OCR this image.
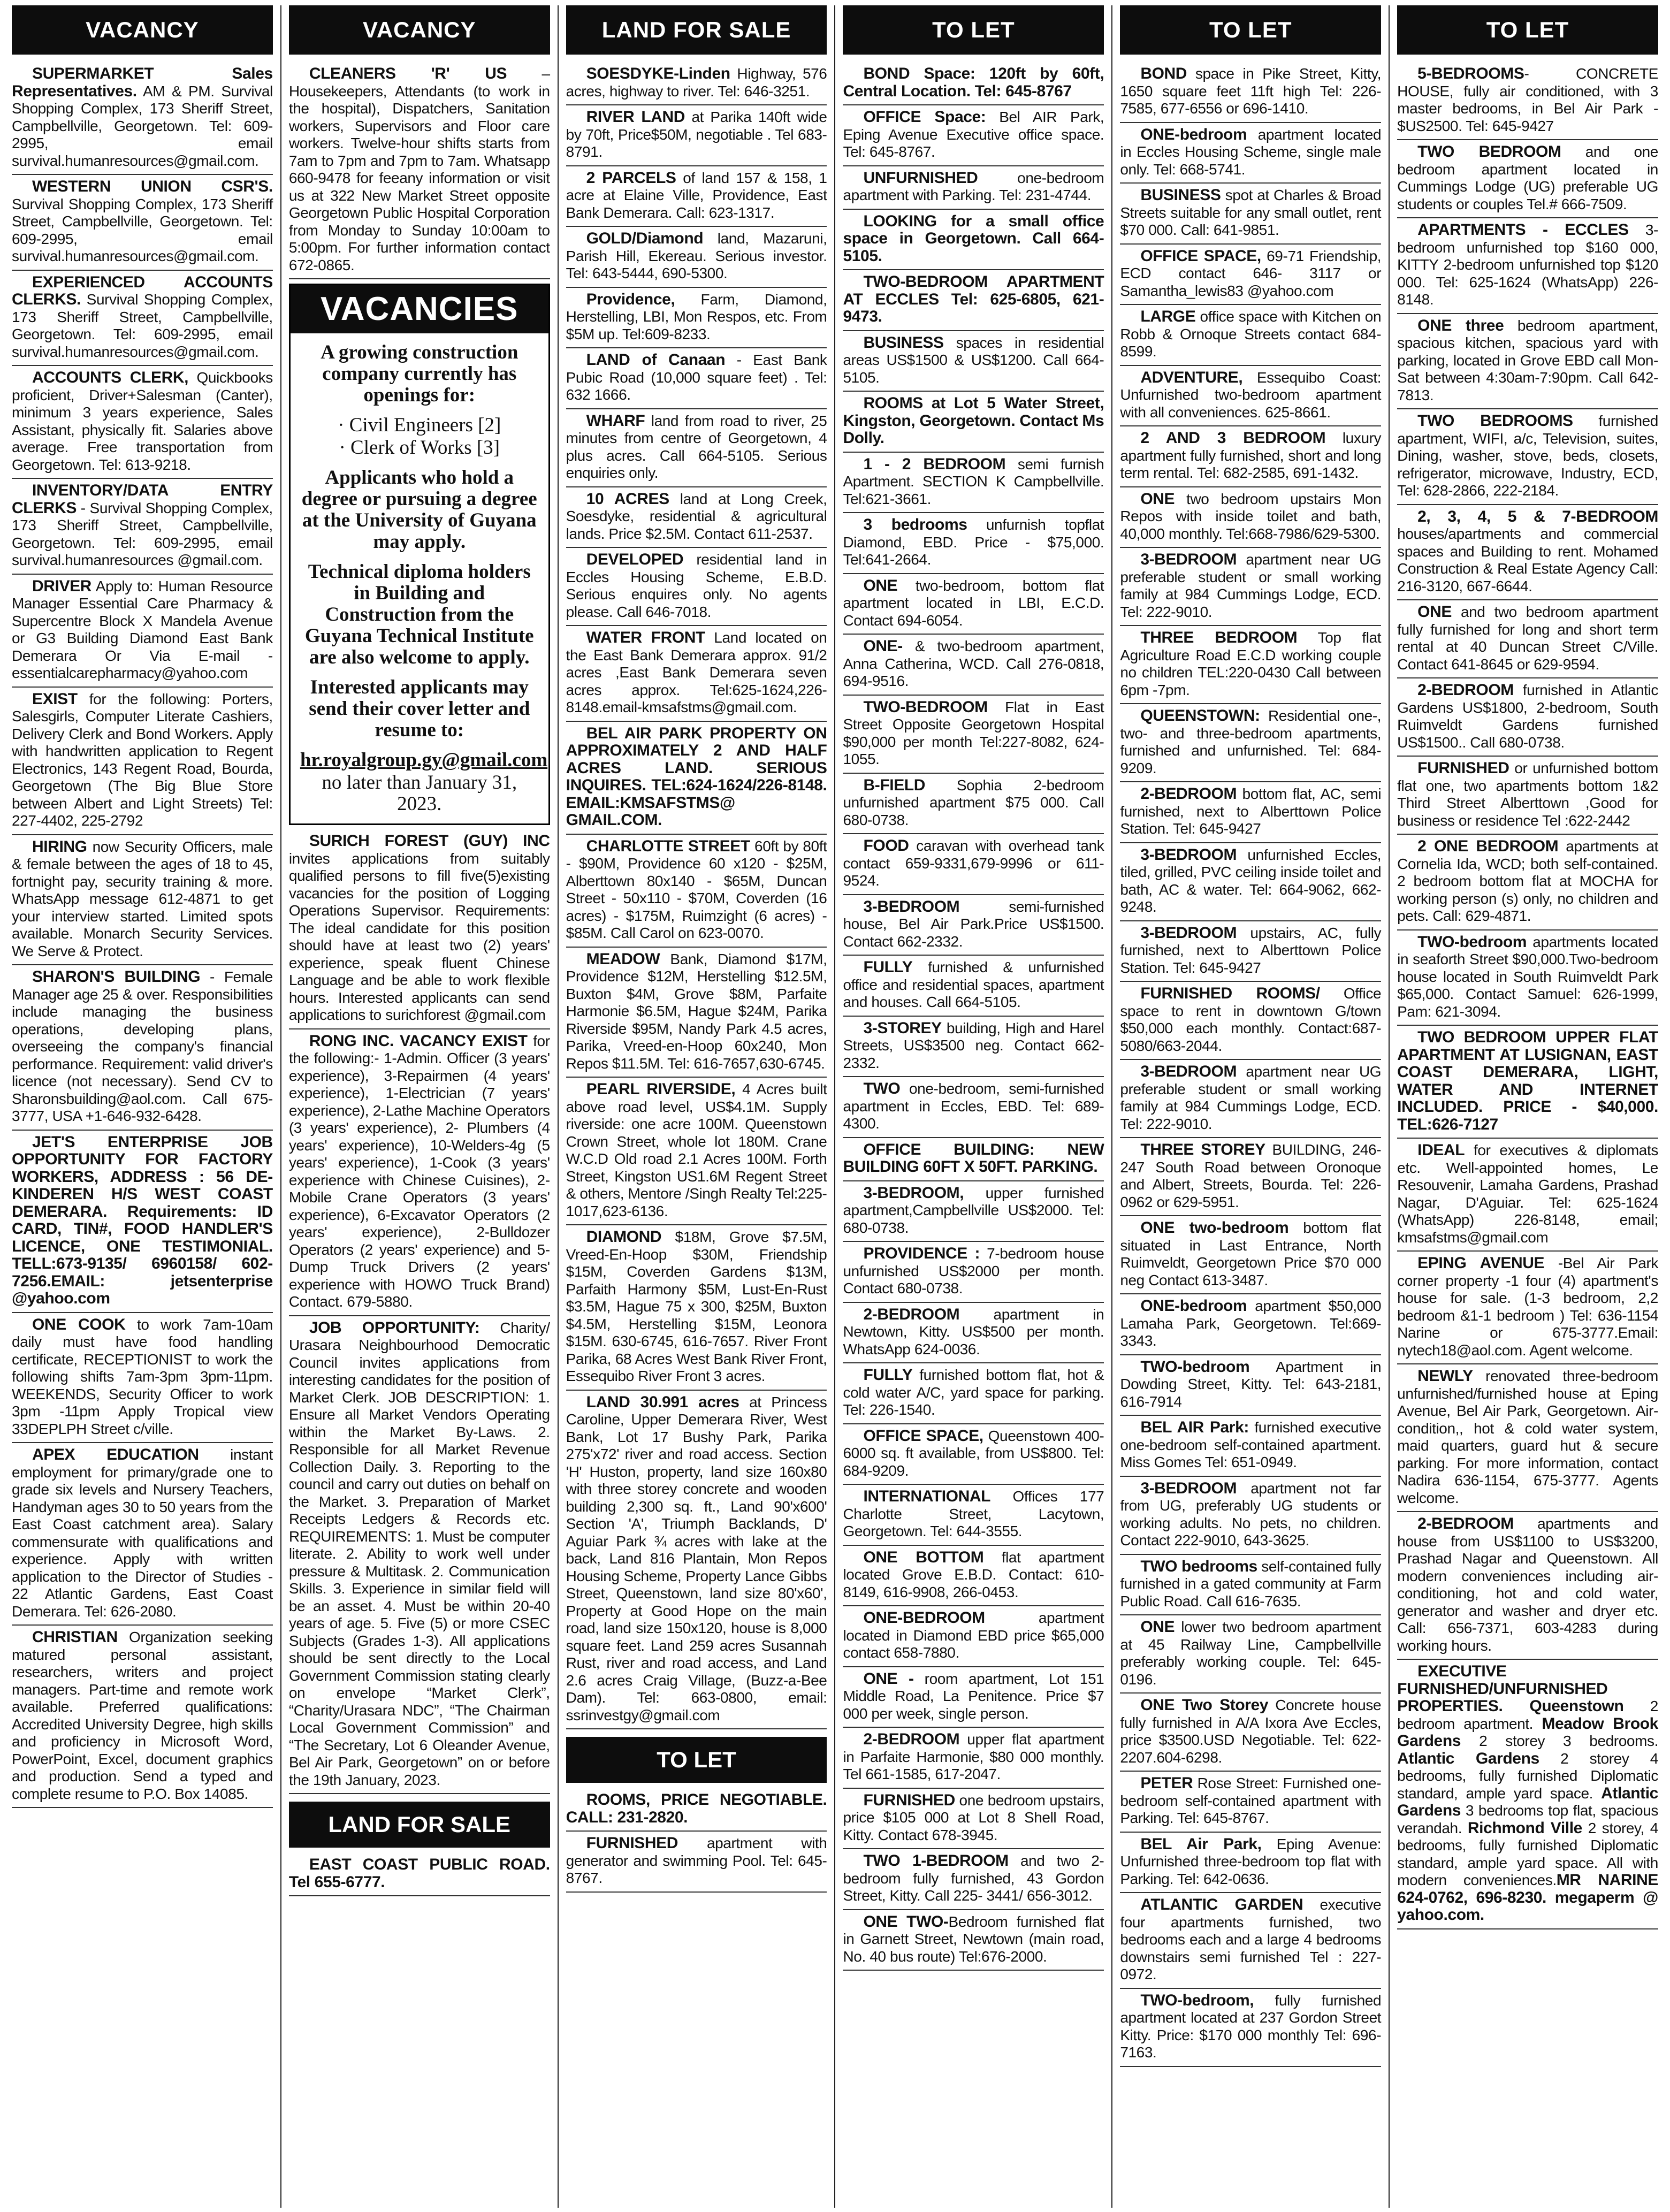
VACANCY

SUPERMARKET Sales Representatives. AM & PM. Survival Shopping Complex, 173 Sheriff Street, Campbellville, Georgetown. Tel: 609-2995, email survival.humanresources@gmail.com.

WESTERN UNION CSR'S. Survival Shopping Complex, 173 Sheriff Street, Campbellville, Georgetown. Tel: 609-2995, email survival.humanresources@gmail.com.

EXPERIENCED ACCOUNTS CLERKS. Survival Shopping Complex, 173 Sheriff Street, Campbellville, Georgetown. Tel: 609-2995, email survival.humanresources@gmail.com.

ACCOUNTS CLERK, Quickbooks proficient, Driver+Salesman (Canter), minimum 3 years experience, Sales Assistant, physically fit. Salaries above average. Free transportation from Georgetown. Tel: 613-9218.

INVENTORY/DATA ENTRY CLERKS - Survival Shopping Complex, 173 Sheriff Street, Campbellville, Georgetown. Tel: 609-2995, email survival.humanresources @gmail.com.

DRIVER Apply to: Human Resource Manager Essential Care Pharmacy & Supercentre Block X Mandela Avenue or G3 Building Diamond East Bank Demerara Or Via E-mail - essentialcarepharmacy@yahoo.com

EXIST for the following: Porters, Salesgirls, Computer Literate Cashiers, Delivery Clerk and Bond Workers. Apply with handwritten application to Regent Electronics, 143 Regent Road, Bourda, Georgetown (The Big Blue Store between Albert and Light Streets) Tel: 227-4402, 225-2792

HIRING now Security Officers, male & female between the ages of 18 to 45, fortnight pay, security training & more. WhatsApp message 612-4871 to get your interview started. Limited spots available. Monarch Security Services. We Serve & Protect.

SHARON'S BUILDING - Female Manager age 25 & over. Responsibilities include managing the business operations, developing plans, overseeing the company's financial performance. Requirement: valid driver's licence (not necessary). Send CV to Sharonsbuilding@aol.com. Call 675-3777, USA +1-646-932-6428.

JET'S ENTERPRISE JOB OPPORTUNITY FOR FACTORY WORKERS, ADDRESS : 56 DE-KINDEREN H/S WEST COAST DEMERARA. Requirements: ID CARD, TIN#, FOOD HANDLER'S LICENCE, ONE TESTIMONIAL. TELL:673-9135/ 6960158/ 602-7256.EMAIL: jetsenterprise @yahoo.com

ONE COOK to work 7am-10am daily must have food handling certificate, RECEPTIONIST to work the following shifts 7am-3pm 3pm-11pm. WEEKENDS, Security Officer to work 3pm -11pm Apply Tropical view 33DEPLPH Street c/ville.

APEX EDUCATION instant employment for primary/grade one to grade six levels and Nursery Teachers, Handyman ages 30 to 50 years from the East Coast catchment area). Salary commensurate with qualifications and experience. Apply with written application to the Director of Studies - 22 Atlantic Gardens, East Coast Demerara. Tel: 626-2080.

CHRISTIAN Organization seeking matured personal assistant, researchers, writers and project managers. Part-time and remote work available. Preferred qualifications: Accredited University Degree, high skills and proficiency in Microsoft Word, PowerPoint, Excel, document graphics and production. Send a typed and complete resume to P.O. Box 14085.

VACANCY

CLEANERS 'R' US – Housekeepers, Attendants (to work in the hospital), Dispatchers, Sanitation workers, Supervisors and Floor care workers. Twelve-hour shifts starts from 7am to 7pm and 7pm to 7am. Whatsapp 660-9478 for feeany information or visit us at 322 New Market Street opposite Georgetown Public Hospital Corporation from Monday to Sunday 10:00am to 5:00pm. For further information contact 672-0865.

VACANCIES

A growing construction company currently has openings for:

· Civil Engineers [2]
· Clerk of Works [3]

Applicants who hold a degree or pursuing a degree at the University of Guyana may apply.

Technical diploma holders in Building and Construction from the Guyana Technical Institute are also welcome to apply.

Interested applicants may send their cover letter and resume to:

hr.royalgroup.gy@gmail.com
no later than January 31, 2023.

SURICH FOREST (GUY) INC invites applications from suitably qualified persons to fill five(5)existing vacancies for the position of Logging Operations Supervisor. Requirements: The ideal candidate for this position should have at least two (2) years' experience, speak fluent Chinese Language and be able to work flexible hours. Interested applicants can send applications to surichforest @gmail.com

RONG INC. VACANCY EXIST for the following:- 1-Admin. Officer (3 years' experience), 3-Repairmen (4 years' experience), 1-Electrician (7 years' experience), 2-Lathe Machine Operators (3 years' experience), 2- Plumbers (4 years' experience), 10-Welders-4g (5 years' experience), 1-Cook (3 years' experience with Chinese Cuisines), 2-Mobile Crane Operators (3 years' experience), 6-Excavator Operators (2 years' experience), 2-Bulldozer Operators (2 years' experience) and 5-Dump Truck Drivers (2 years' experience with HOWO Truck Brand) Contact. 679-5880.

JOB OPPORTUNITY: Charity/ Urasara Neighbourhood Democratic Council invites applications from interesting candidates for the position of Market Clerk. JOB DESCRIPTION: 1. Ensure all Market Vendors Operating within the Market By-Laws. 2. Responsible for all Market Revenue Collection Daily. 3. Reporting to the council and carry out duties on behalf on the Market. 3. Preparation of Market Receipts Ledgers & Records etc. REQUIREMENTS: 1. Must be computer literate. 2. Ability to work well under pressure & Multitask. 2. Communication Skills. 3. Experience in similar field will be an asset. 4. Must be within 20-40 years of age. 5. Five (5) or more CSEC Subjects (Grades 1-3). All applications should be sent directly to the Local Government Commission stating clearly on envelope “Market Clerk”, “Charity/Urasara NDC”, “The Chairman Local Government Commission” and “The Secretary, Lot 6 Oleander Avenue, Bel Air Park, Georgetown” on or before the 19th January, 2023.

LAND FOR SALE

EAST COAST PUBLIC ROAD. Tel 655-6777.

LAND FOR SALE

SOESDYKE-Linden Highway, 576 acres, highway to river. Tel: 646-3251.

RIVER LAND at Parika 140ft wide by 70ft, Price$50M, negotiable . Tel 683-8791.

2 PARCELS of land 157 & 158, 1 acre at Elaine Ville, Providence, East Bank Demerara. Call: 623-1317.

GOLD/Diamond land, Mazaruni, Parish Hill, Ekereau. Serious investor. Tel: 643-5444, 690-5300.

Providence, Farm, Diamond, Herstelling, LBI, Mon Respos, etc. From $5M up. Tel:609-8233.

LAND of Canaan - East Bank Pubic Road (10,000 square feet) . Tel: 632 1666.

WHARF land from road to river, 25 minutes from centre of Georgetown, 4 plus acres. Call 664-5105. Serious enquiries only.

10 ACRES land at Long Creek, Soesdyke, residential & agricultural lands. Price $2.5M. Contact 611-2537.

DEVELOPED residential land in Eccles Housing Scheme, E.B.D. Serious enquires only. No agents please. Call 646-7018.

WATER FRONT Land located on the East Bank Demerara approx. 91/2 acres ,East Bank Demerara seven acres approx. Tel:625-1624,226-8148.email-kmsafstms@gmail.com.

BEL AIR PARK PROPERTY ON APPROXIMATELY 2 AND HALF ACRES LAND. SERIOUS INQUIRES. TEL:624-1624/226-8148. EMAIL:KMSAFSTMS@ GMAIL.COM.

CHARLOTTE STREET 60ft by 80ft - $90M, Providence 60 x120 - $25M, Alberttown 80x140 - $65M, Duncan Street - 50x110 - $70M, Coverden (16 acres) - $175M, Ruimzight (6 acres) - $85M. Call Carol on 623-0070.

MEADOW Bank, Diamond $17M, Providence $12M, Herstelling $12.5M, Buxton $4M, Grove $8M, Parfaite Harmonie $6.5M, Hague $24M, Parika Riverside $95M, Nandy Park 4.5 acres, Parika, Vreed-en-Hoop 60x240, Mon Repos $11.5M. Tel: 616-7657,630-6745.

PEARL RIVERSIDE, 4 Acres built above road level, US$4.1M. Supply riverside: one acre 100M. Queenstown Crown Street, whole lot 180M. Crane W.C.D Old road 2.1 Acres 100M. Forth Street, Kingston US1.6M Regent Street & others, Mentore /Singh Realty Tel:225-1017,623-6136.

DIAMOND $18M, Grove $7.5M, Vreed-En-Hoop $30M, Friendship $15M, Coverden Gardens $13M, Parfaith Harmony $5M, Lust-En-Rust $3.5M, Hague 75 x 300, $25M, Buxton $4.5M, Herstelling $15M, Leonora $15M. 630-6745, 616-7657. River Front Parika, 68 Acres West Bank River Front, Essequibo River Front 3 acres.

LAND 30.991 acres at Princess Caroline, Upper Demerara River, West Bank, Lot 17 Bushy Park, Parika 275'x72' river and road access. Section 'H' Huston, property, land size 160x80 with three storey concrete and wooden building 2,300 sq. ft., Land 90'x600' Section 'A', Triumph Backlands, D' Aguiar Park ¾ acres with lake at the back, Land 816 Plantain, Mon Repos Housing Scheme, Property Lance Gibbs Street, Queenstown, land size 80'x60', Property at Good Hope on the main road, land size 150x120, house is 8,000 square feet. Land 259 acres Susannah Rust, river and road access, and Land 2.6 acres Craig Village, (Buzz-a-Bee Dam). Tel: 663-0800, email: ssrinvestgy@gmail.com

TO LET

ROOMS, PRICE NEGOTIABLE. CALL: 231-2820.

FURNISHED apartment with generator and swimming Pool. Tel: 645-8767.

TO LET

BOND Space: 120ft by 60ft, Central Location. Tel: 645-8767

OFFICE Space: Bel AIR Park, Eping Avenue Executive office space. Tel: 645-8767.

UNFURNISHED one-bedroom apartment with Parking. Tel: 231-4744.

LOOKING for a small office space in Georgetown. Call 664-5105.

TWO-BEDROOM APARTMENT AT ECCLES Tel: 625-6805, 621-9473.

BUSINESS spaces in residential areas US$1500 & US$1200. Call 664-5105.

ROOMS at Lot 5 Water Street, Kingston, Georgetown. Contact Ms Dolly.

1 - 2 BEDROOM semi furnish Apartment. SECTION K Campbellville. Tel:621-3661.

3 bedrooms unfurnish topflat Diamond, EBD. Price - $75,000. Tel:641-2664.

ONE two-bedroom, bottom flat apartment located in LBI, E.C.D. Contact 694-6054.

ONE- & two-bedroom apartment, Anna Catherina, WCD. Call 276-0818, 694-9516.

TWO-BEDROOM Flat in East Street Opposite Georgetown Hospital $90,000 per month Tel:227-8082, 624-1055.

B-FIELD Sophia 2-bedroom unfurnished apartment $75 000. Call 680-0738.

FOOD caravan with overhead tank contact 659-9331,679-9996 or 611-9524.

3-BEDROOM semi-furnished house, Bel Air Park.Price US$1500. Contact 662-2332.

FULLY furnished & unfurnished office and residential spaces, apartment and houses. Call 664-5105.

3-STOREY building, High and Harel Streets, US$3500 neg. Contact 662-2332.

TWO one-bedroom, semi-furnished apartment in Eccles, EBD. Tel: 689-4300.

OFFICE BUILDING: NEW BUILDING 60FT X 50FT. PARKING.

3-BEDROOM, upper furnished apartment,Campbellville US$2000. Tel: 680-0738.

PROVIDENCE : 7-bedroom house unfurnished US$2000 per month. Contact 680-0738.

2-BEDROOM apartment in Newtown, Kitty. US$500 per month. WhatsApp 624-0036.

FULLY furnished bottom flat, hot & cold water A/C, yard space for parking. Tel: 226-1540.

OFFICE SPACE, Queenstown 400-6000 sq. ft available, from US$800. Tel: 684-9209.

INTERNATIONAL Offices 177 Charlotte Street, Lacytown, Georgetown. Tel: 644-3555.

ONE BOTTOM flat apartment located Grove E.B.D. Contact: 610-8149, 616-9908, 266-0453.

ONE-BEDROOM apartment located in Diamond EBD price $65,000 contact 658-7880.

ONE - room apartment, Lot 151 Middle Road, La Penitence. Price $7 000 per week, single person.

2-BEDROOM upper flat apartment in Parfaite Harmonie, $80 000 monthly. Tel 661-1585, 617-2047.

FURNISHED one bedroom upstairs, price $105 000 at Lot 8 Shell Road, Kitty. Contact 678-3945.

TWO 1-BEDROOM and two 2-bedroom fully furnished, 43 Gordon Street, Kitty. Call 225- 3441/ 656-3012.

ONE TWO-Bedroom furnished flat in Garnett Street, Newtown (main road, No. 40 bus route) Tel:676-2000.

TO LET

BOND space in Pike Street, Kitty, 1650 square feet 11ft high Tel: 226-7585, 677-6556 or 696-1410.

ONE-bedroom apartment located in Eccles Housing Scheme, single male only. Tel: 668-5741.

BUSINESS spot at Charles & Broad Streets suitable for any small outlet, rent $70 000. Call: 641-9851.

OFFICE SPACE, 69-71 Friendship, ECD contact 646- 3117 or Samantha_lewis83 @yahoo.com

LARGE office space with Kitchen on Robb & Ornoque Streets contact 684-8599.

ADVENTURE, Essequibo Coast: Unfurnished two-bedroom apartment with all conveniences. 625-8661.

2 AND 3 BEDROOM luxury apartment fully furnished, short and long term rental. Tel: 682-2585, 691-1432.

ONE two bedroom upstairs Mon Repos with inside toilet and bath, 40,000 monthly. Tel:668-7986/629-5300.

3-BEDROOM apartment near UG preferable student or small working family at 984 Cummings Lodge, ECD. Tel: 222-9010.

THREE BEDROOM Top flat Agriculture Road E.C.D working couple no children TEL:220-0430 Call between 6pm -7pm.

QUEENSTOWN: Residential one-, two- and three-bedroom apartments, furnished and unfurnished. Tel: 684-9209.

2-BEDROOM bottom flat, AC, semi furnished, next to Alberttown Police Station. Tel: 645-9427

3-BEDROOM unfurnished Eccles, tiled, grilled, PVC ceiling inside toilet and bath, AC & water. Tel: 664-9062, 662-9248.

3-BEDROOM upstairs, AC, fully furnished, next to Alberttown Police Station. Tel: 645-9427

FURNISHED ROOMS/ Office space to rent in downtown G/town $50,000 each monthly. Contact:687-5080/663-2044.

3-BEDROOM apartment near UG preferable student or small working family at 984 Cummings Lodge, ECD. Tel: 222-9010.

THREE STOREY BUILDING, 246-247 South Road between Oronoque and Albert, Streets, Bourda. Tel: 226-0962 or 629-5951.

ONE two-bedroom bottom flat situated in Last Entrance, North Ruimveldt, Georgetown Price $70 000 neg Contact 613-3487.

ONE-bedroom apartment $50,000 Lamaha Park, Georgetown. Tel:669-3343.

TWO-bedroom Apartment in Dowding Street, Kitty. Tel: 643-2181, 616-7914

BEL AIR Park: furnished executive one-bedroom self-contained apartment. Miss Gomes Tel: 651-0949.

3-BEDROOM apartment not far from UG, preferably UG students or working adults. No pets, no children. Contact 222-9010, 643-3625.

TWO bedrooms self-contained fully furnished in a gated community at Farm Public Road. Call 616-7635.

ONE lower two bedroom apartment at 45 Railway Line, Campbellville preferably working couple. Tel: 645-0196.

ONE Two Storey Concrete house fully furnished in A/A Ixora Ave Eccles, price $3500.USD Negotiable. Tel: 622-2207.604-6298.

PETER Rose Street: Furnished one-bedroom self-contained apartment with Parking. Tel: 645-8767.

BEL Air Park, Eping Avenue: Unfurnished three-bedroom top flat with Parking. Tel: 642-0636.

ATLANTIC GARDEN executive four apartments furnished, two bedrooms each and a large 4 bedrooms downstairs semi furnished Tel : 227-0972.

TWO-bedroom, fully furnished apartment located at 237 Gordon Street Kitty. Price: $170 000 monthly Tel: 696-7163.

TO LET

5-BEDROOMS- CONCRETE HOUSE, fully air conditioned, with 3 master bedrooms, in Bel Air Park - $US2500. Tel: 645-9427

TWO BEDROOM and one bedroom apartment located in Cummings Lodge (UG) preferable UG students or couples Tel.# 666-7509.

APARTMENTS - ECCLES 3-bedroom unfurnished top $160 000, KITTY 2-bedroom unfurnished top $120 000. Tel: 625-1624 (WhatsApp) 226-8148.

ONE three bedroom apartment, spacious kitchen, spacious yard with parking, located in Grove EBD call Mon-Sat between 4:30am-7:90pm. Call 642-7813.

TWO BEDROOMS furnished apartment, WIFI, a/c, Television, suites, Dining, washer, stove, beds, closets, refrigerator, microwave, Industry, ECD, Tel: 628-2866, 222-2184.

2, 3, 4, 5 & 7-BEDROOM houses/apartments and commercial spaces and Building to rent. Mohamed Construction & Real Estate Agency Call: 216-3120, 667-6644.

ONE and two bedroom apartment fully furnished for long and short term rental at 40 Duncan Street C/Ville. Contact 641-8645 or 629-9594.

2-BEDROOM furnished in Atlantic Gardens US$1800, 2-bedroom, South Ruimveldt Gardens furnished US$1500.. Call 680-0738.

FURNISHED or unfurnished bottom flat one, two apartments bottom 1&2 Third Street Alberttown ,Good for business or residence Tel :622-2442

2 ONE BEDROOM apartments at Cornelia Ida, WCD; both self-contained. 2 bedroom bottom flat at MOCHA for working person (s) only, no children and pets. Call: 629-4871.

TWO-bedroom apartments located in seaforth Street $90,000.Two-bedroom house located in South Ruimveldt Park $65,000. Contact Samuel: 626-1999, Pam: 621-3094.

TWO BEDROOM UPPER FLAT APARTMENT AT LUSIGNAN, EAST COAST DEMERARA, LIGHT, WATER AND INTERNET INCLUDED. PRICE - $40,000. TEL:626-7127

IDEAL for executives & diplomats etc. Well-appointed homes, Le Resouvenir, Lamaha Gardens, Prashad Nagar, D'Aguiar. Tel: 625-1624 (WhatsApp) 226-8148, email; kmsafstms@gmail.com

EPING AVENUE -Bel Air Park corner property -1 four (4) apartment's house for sale. (1-3 bedroom, 2,2 bedroom &1-1 bedroom ) Tel: 636-1154 Narine or 675-3777.Email: nytech18@aol.com. Agent welcome.

NEWLY renovated three-bedroom unfurnished/furnished house at Eping Avenue, Bel Air Park, Georgetown. Air-condition,, hot & cold water system, maid quarters, guard hut & secure parking. For more information, contact Nadira 636-1154, 675-3777. Agents welcome.

2-BEDROOM apartments and house from US$1100 to US$3200, Prashad Nagar and Queenstown. All modern conveniences including air-conditioning, hot and cold water, generator and washer and dryer etc. Call: 656-7371, 603-4283 during working hours.

EXECUTIVE FURNISHED/UNFURNISHED PROPERTIES. Queenstown 2 bedroom apartment. Meadow Brook Gardens 2 storey 3 bedrooms. Atlantic Gardens 2 storey 4 bedrooms, fully furnished Diplomatic standard, ample yard space. Atlantic Gardens 3 bedrooms top flat, spacious verandah. Richmond Ville 2 storey, 4 bedrooms, fully furnished Diplomatic standard, ample yard space. All with modern conveniences.MR NARINE 624-0762, 696-8230. megaperm @ yahoo.com.
